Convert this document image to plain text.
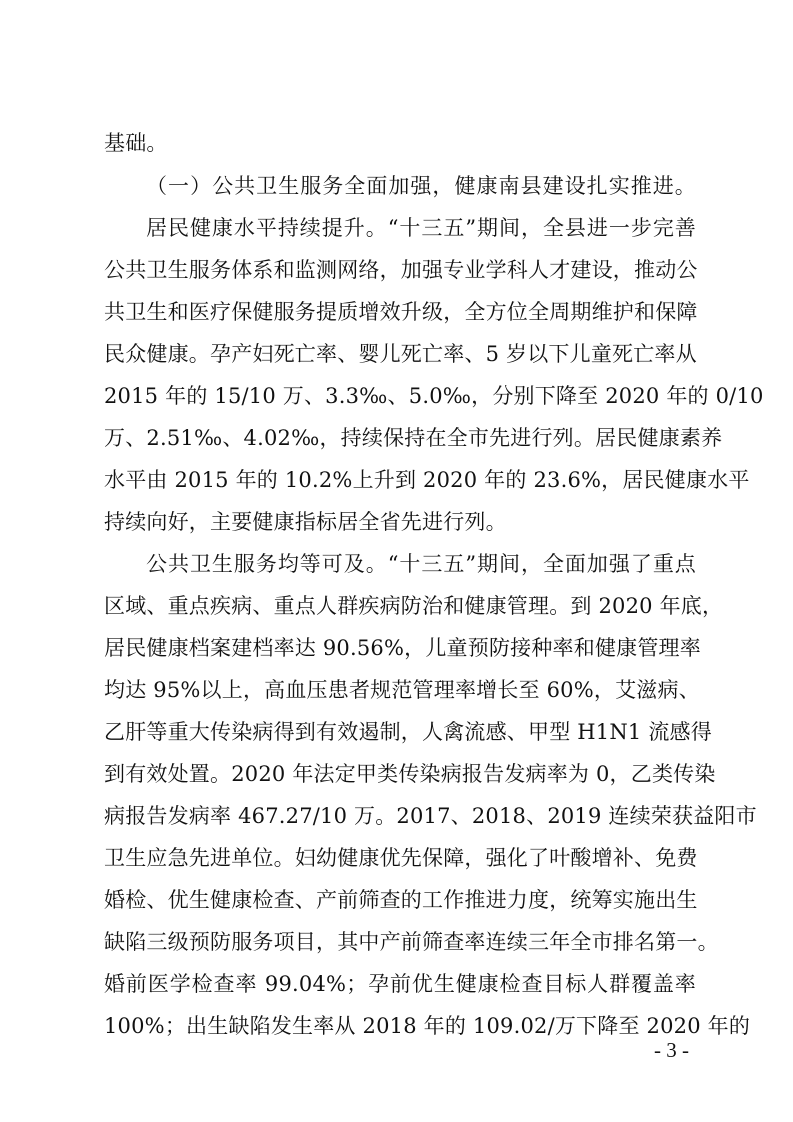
基础。
（一）公共卫生服务全面加强，健康南县建设扎实推进。
居民健康水平持续提升。“十三五”期间，全县进一步完善
公共卫生服务体系和监测网络，加强专业学科人才建设，推动公
共卫生和医疗保健服务提质增效升级，全方位全周期维护和保障
民众健康。孕产妇死亡率、婴儿死亡率、5 岁以下儿童死亡率从
2015 年的 15/10 万、3.3‰、5.0‰，分别下降至 2020 年的 0/10
万、2.51‰、4.02‰，持续保持在全市先进行列。居民健康素养
水平由 2015 年的 10.2%上升到 2020 年的 23.6%，居民健康水平
持续向好，主要健康指标居全省先进行列。
公共卫生服务均等可及。“十三五”期间，全面加强了重点
区域、重点疾病、重点人群疾病防治和健康管理。到 2020 年底，
居民健康档案建档率达 90.56%，儿童预防接种率和健康管理率
均达 95%以上，高血压患者规范管理率增长至 60%，艾滋病、
乙肝等重大传染病得到有效遏制，人禽流感、甲型 H1N1 流感得
到有效处置。2020 年法定甲类传染病报告发病率为 0，乙类传染
病报告发病率 467.27/10 万。2017、2018、2019 连续荣获益阳市
卫生应急先进单位。妇幼健康优先保障，强化了叶酸增补、免费
婚检、优生健康检查、产前筛查的工作推进力度，统筹实施出生
缺陷三级预防服务项目，其中产前筛查率连续三年全市排名第一。
婚前医学检查率 99.04%；孕前优生健康检查目标人群覆盖率
100%；出生缺陷发生率从 2018 年的 109.02/万下降至 2020 年的
- 3 -
